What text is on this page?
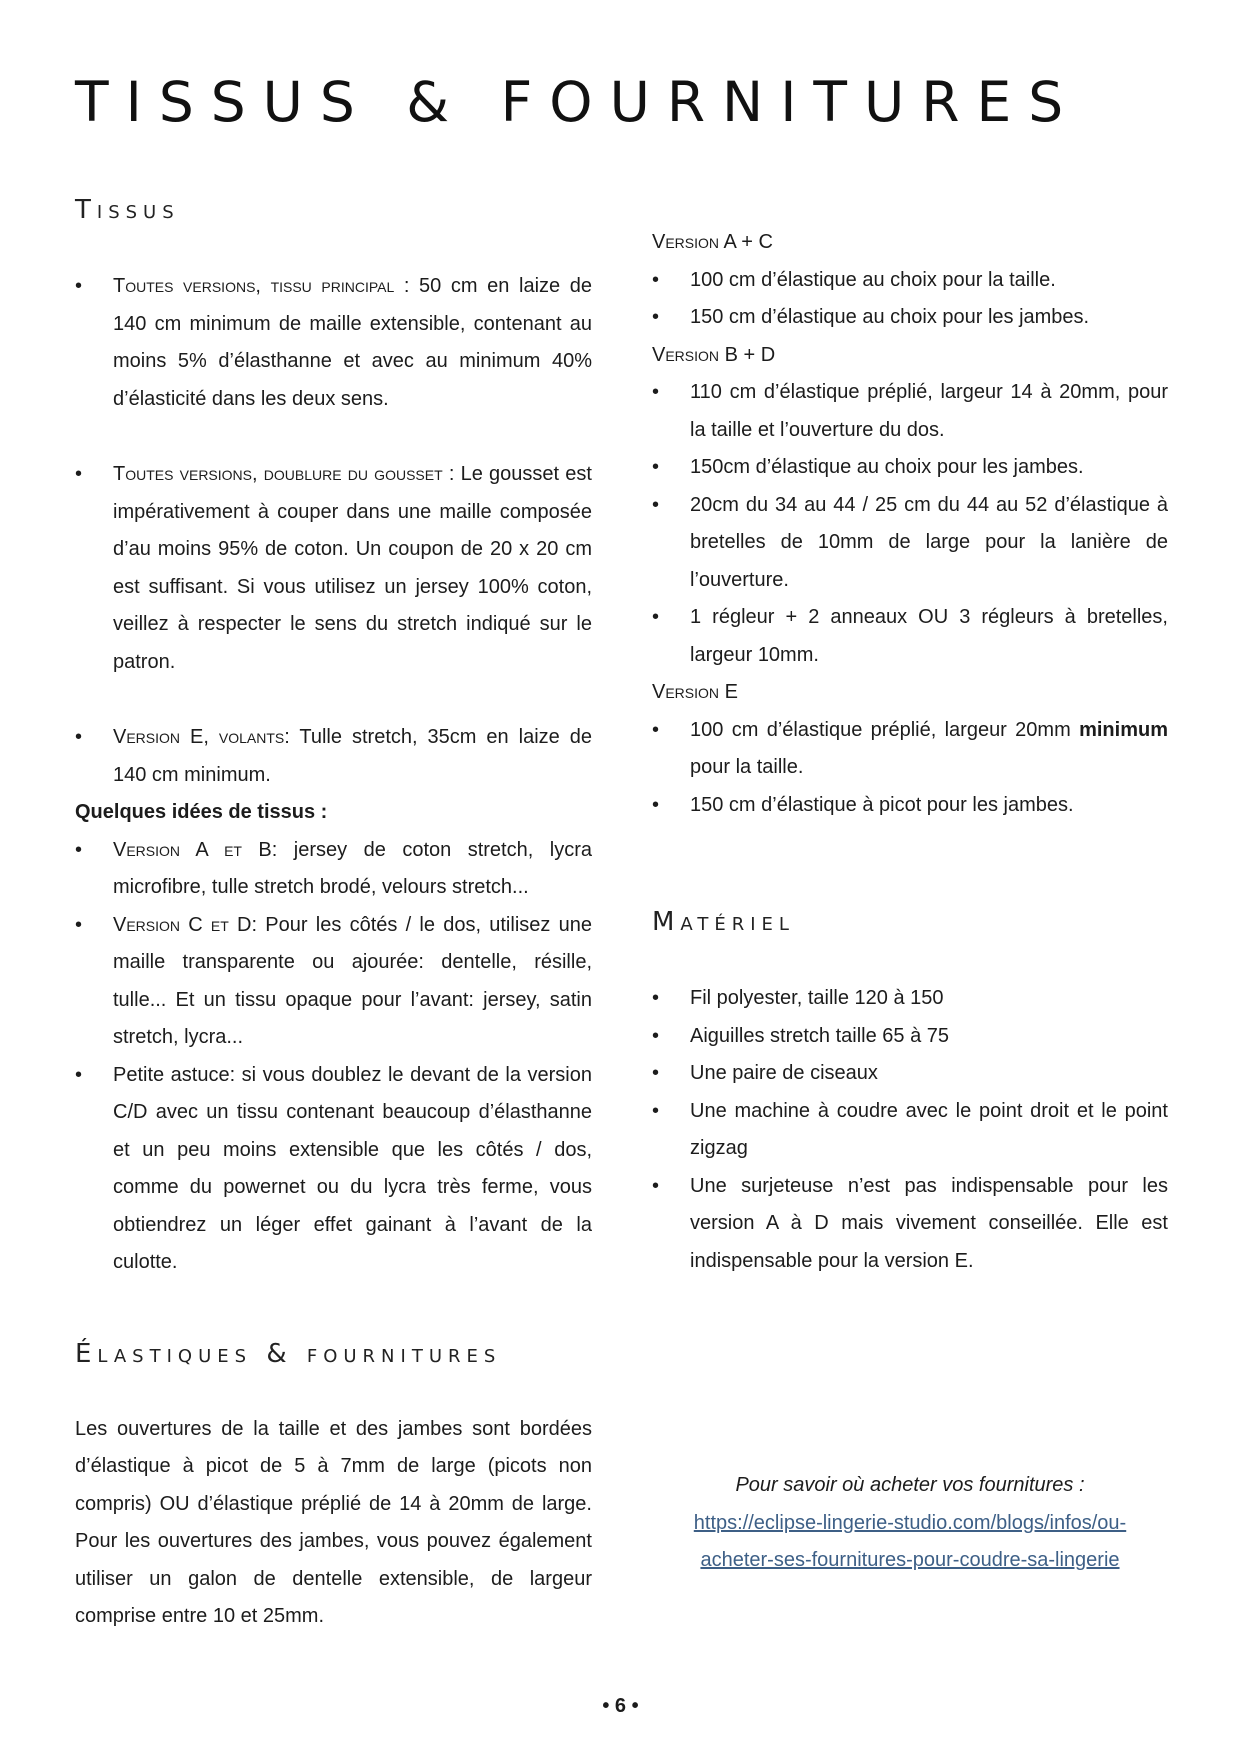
TISSUS & FOURNITURES
Tissus
• Toutes versions, tissu principal : 50 cm en laize de 140 cm minimum de maille extensible, contenant au moins 5% d’élasthanne et avec au minimum 40% d’élasticité dans les deux sens.
• Toutes versions, doublure du gousset : Le gousset est impérativement à couper dans une maille composée d’au moins 95% de coton. Un coupon de 20 x 20 cm est suffisant. Si vous utilisez un jersey 100% coton, veillez à respecter le sens du stretch indiqué sur le patron.
• Version E, volants: Tulle stretch, 35cm en laize de 140 cm minimum.

Quelques idées de tissus :

• Version A et B: jersey de coton stretch, lycra microfibre, tulle stretch brodé, velours stretch...
• Version C et D: Pour les côtés / le dos, utilisez une maille transparente ou ajourée: dentelle, résille, tulle... Et un tissu opaque pour l’avant: jersey, satin stretch, lycra...
• Petite astuce: si vous doublez le devant de la version C/D avec un tissu contenant beaucoup d’élasthanne et un peu moins extensible que les côtés / dos, comme du powernet ou du lycra très ferme, vous obtiendrez un léger effet gainant à l’avant de la culotte.
Élastiques & fournitures

Les ouvertures de la taille et des jambes sont bordées d’élastique à picot de 5 à 7mm de large (picots non compris) OU d’élastique préplié de 14 à 20mm de large. Pour les ouvertures des jambes, vous pouvez également utiliser un galon de dentelle extensible, de largeur comprise entre 10 et 25mm.

Version A + C

• 100 cm d’élastique au choix pour la taille.
• 150 cm d’élastique au choix pour les jambes.

Version B + D

• 110 cm d’élastique préplié, largeur 14 à 20mm, pour la taille et l’ouverture du dos.
• 150cm d’élastique au choix pour les jambes.
• 20cm du 34 au 44 / 25 cm du 44 au 52 d’élastique à bretelles de 10mm de large pour la lanière de l’ouverture.
• 1 régleur + 2 anneaux OU 3 régleurs à bretelles, largeur 10mm.

Version E

• 100 cm d’élastique préplié, largeur 20mm minimum pour la taille.
• 150 cm d’élastique à picot pour les jambes.
Matériel
• Fil polyester, taille 120 à 150
• Aiguilles stretch taille 65 à 75
• Une paire de ciseaux
• Une machine à coudre avec le point droit et le point zigzag
• Une surjeteuse n’est pas indispensable pour les version A à D mais vivement conseillée. Elle est indispensable pour la version E.
Pour savoir où acheter vos fournitures :
https://eclipse-lingerie-studio.com/blogs/infos/ou-
acheter-ses-fournitures-pour-coudre-sa-lingerie
• 6 •
